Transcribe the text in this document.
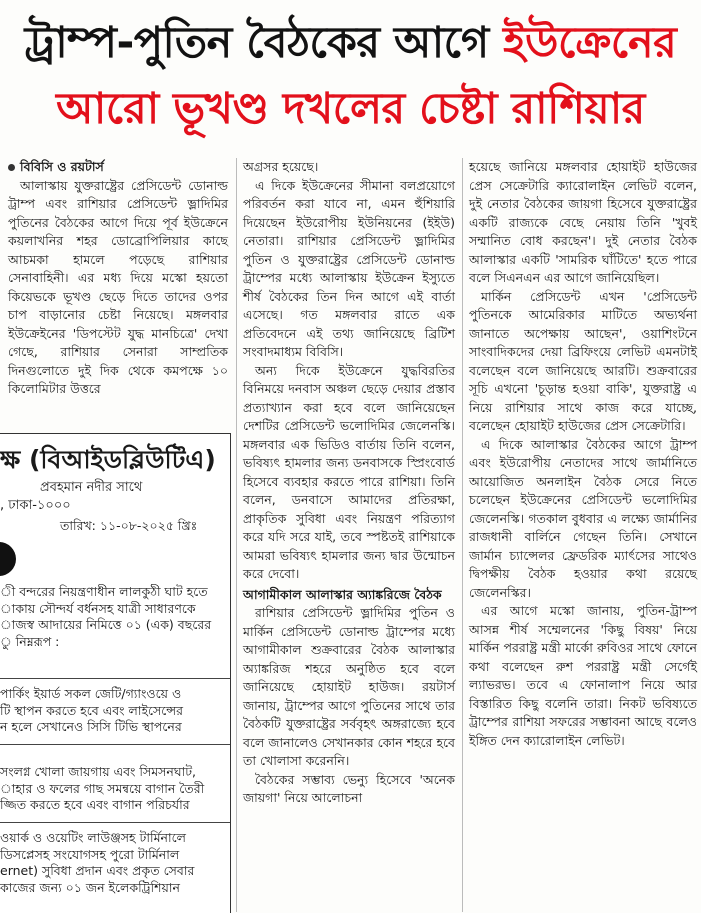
ট্রাম্প-পুতিন বৈঠকের আগে ইউক্রেনের
আরো ভূখণ্ড দখলের চেষ্টা রাশিয়ার

বিবিসি ও রয়টার্স

আলাস্কায় যুক্তরাষ্ট্রের প্রেসিডেন্ট ডোনাল্ড ট্রাম্প এবং রাশিয়ার প্রেসিডেন্ট ভ্লাদিমির পুতিনের বৈঠকের আগে দিয়ে পূর্ব ইউক্রেনে কয়লাখনির শহর ডোব্রোপিলিয়ার কাছে আচমকা হামলে পড়েছে রাশিয়ার সেনাবাহিনী। এর মধ্য দিয়ে মস্কো হয়তো কিয়েভকে ভূখণ্ড ছেড়ে দিতে তাদের ওপর চাপ বাড়ানোর চেষ্টা নিয়েছে। মঙ্গলবার ইউক্রেইনের 'ডিপস্টেট যুদ্ধ মানচিত্রে' দেখা গেছে, রাশিয়ার সেনারা সাম্প্রতিক দিনগুলোতে দুই দিক থেকে কমপক্ষে ১০ কিলোমিটার উত্তরে

অগ্রসর হয়েছে।

এ দিকে ইউক্রেনের সীমানা বলপ্রয়োগে পরিবর্তন করা যাবে না, এমন হুঁশিয়ারি দিয়েছেন ইউরোপীয় ইউনিয়নের (ইইউ) নেতারা। রাশিয়ার প্রেসিডেন্ট ভ্লাদিমির পুতিন ও যুক্তরাষ্ট্রের প্রেসিডেন্ট ডোনাল্ড ট্রাম্পের মধ্যে আলাস্কায় ইউক্রেন ইস্যুতে শীর্ষ বৈঠকের তিন দিন আগে এই বার্তা এসেছে। গত মঙ্গলবার রাতে এক প্রতিবেদনে এই তথ্য জানিয়েছে ব্রিটিশ সংবাদমাধ্যম বিবিসি।

অন্য দিকে ইউক্রেনে যুদ্ধবিরতির বিনিময়ে দনবাস অঞ্চল ছেড়ে দেয়ার প্রস্তাব প্রত্যাখ্যান করা হবে বলে জানিয়েছেন দেশটির প্রেসিডেন্ট ভলোদিমির জেলেনস্কি। মঙ্গলবার এক ভিডিও বার্তায় তিনি বলেন, ভবিষ্যৎ হামলার জন্য ডনবাসকে স্প্রিংবোর্ড হিসেবে ব্যবহার করতে পারে রাশিয়া। তিনি বলেন, ডনবাসে আমাদের প্রতিরক্ষা, প্রাকৃতিক সুবিধা এবং নিয়ন্ত্রণ পরিত্যাগ করে যদি সরে যাই, তবে স্পষ্টতই রাশিয়াকে আমরা ভবিষ্যৎ হামলার জন্য দ্বার উন্মোচন করে দেবো।

আগামীকাল আলাস্কার অ্যাঙ্করিজে বৈঠক

রাশিয়ার প্রেসিডেন্ট ভ্লাদিমির পুতিন ও মার্কিন প্রেসিডেন্ট ডোনাল্ড ট্রাম্পের মধ্যে আগামীকাল শুক্রবারের বৈঠক আলাস্কার অ্যাঙ্করিজ শহরে অনুষ্ঠিত হবে বলে জানিয়েছে হোয়াইট হাউজ। রয়টার্স জানায়, ট্রাম্পের আগে পুতিনের সাথে তার বৈঠকটি যুক্তরাষ্ট্রের সর্ববৃহৎ অঙ্গরাজ্যে হবে বলে জানালেও সেখানকার কোন শহরে হবে তা খোলাসা করেননি।

বৈঠকের সম্ভাব্য ভেন্যু হিসেবে 'অনেক জায়গা' নিয়ে আলোচনা

হয়েছে জানিয়ে মঙ্গলবার হোয়াইট হাউজের প্রেস সেক্রেটারি ক্যারোলাইন লেভিট বলেন, দুই নেতার বৈঠকের জায়গা হিসেবে যুক্তরাষ্ট্রের একটি রাজ্যকে বেছে নেয়ায় তিনি 'খুবই সম্মানিত বোধ করছেন'। দুই নেতার বৈঠক আলাস্কার একটি 'সামরিক ঘাঁটিতে' হতে পারে বলে সিএনএন এর আগে জানিয়েছিল।

মার্কিন প্রেসিডেন্ট এখন 'প্রেসিডেন্ট পুতিনকে আমেরিকার মাটিতে অভ্যর্থনা জানাতে অপেক্ষায় আছেন', ওয়াশিংটনে সাংবাদিকদের দেয়া ব্রিফিংয়ে লেভিট এমনটাই বলেছেন বলে জানিয়েছে আরটি। শুক্রবারের সূচি এখনো 'চূড়ান্ত হওয়া বাকি', যুক্তরাষ্ট্র এ নিয়ে রাশিয়ার সাথে কাজ করে যাচ্ছে, বলেছেন হোয়াইট হাউজের প্রেস সেক্রেটারি।

এ দিকে আলাস্কার বৈঠকের আগে ট্রাম্প এবং ইউরোপীয় নেতাদের সাথে জার্মানিতে আয়োজিত অনলাইন বৈঠক সেরে নিতে চলেছেন ইউক্রেনের প্রেসিডেন্ট ভলোদিমির জেলেনস্কি। গতকাল বুধবার এ লক্ষ্যে জার্মানির রাজধানী বার্লিনে গেছেন তিনি। সেখানে জার্মান চ্যান্সেলর ফ্রেডরিক ম্যার্ৎসের সাথেও দ্বিপক্ষীয় বৈঠক হওয়ার কথা রয়েছে জেলেনস্কির।

এর আগে মস্কো জানায়, পুতিন-ট্রাম্প আসন্ন শীর্ষ সম্মেলনের 'কিছু বিষয়' নিয়ে মার্কিন পররাষ্ট্র মন্ত্রী মার্কো রুবিওর সাথে ফোনে কথা বলেছেন রুশ পররাষ্ট্র মন্ত্রী সের্গেই ল্যাভরভ। তবে এ ফোনালাপ নিয়ে আর বিস্তারিত কিছু বলেনি তারা। নিকট ভবিষ্যতে ট্রাম্পের রাশিয়া সফরের সম্ভাবনা আছে বলেও ইঙ্গিত দেন ক্যারোলাইন লেভিট।

ক্ষ (বিআইডব্লিউটিএ)
প্রবহমান নদীর সাথে
, ঢাকা-১০০০
তারিখ: ১১-০৮-২০২৫ খ্রিঃ
ী বন্দরের নিয়ন্ত্রণাধীন লালকুঠী ঘাট হতে
াকায় সৌন্দর্য বর্ধনসহ যাত্রী সাধারণকে
াজস্ব আদায়ের নিমিত্তে ০১ (এক) বছরের
ু নিম্নরূপ :
পার্কিং ইয়ার্ড সকল জেটি/গ্যাংওয়ে ও
টি স্থাপন করতে হবে এবং লাইসেন্সের
ন হলে সেখানেও সিসি টিভি স্থাপনের
সংলগ্ন খোলা জায়গায় এবং সিমসনঘাট,
াহার ও ফলের গাছ সমন্বয়ে বাগান তৈরী
জ্জিত করতে হবে এবং বাগান পরিচর্যার
ওয়ার্ক ও ওয়েটিং লাউঞ্জসহ টার্মিনালে
ডিসপ্লেসহ সংযোগসহ পুরো টার্মিনাল
ernet) সুবিধা প্রদান এবং প্রকৃত সেবার
কাজের জন্য ০১ জন ইলেকট্রিশিয়ান
